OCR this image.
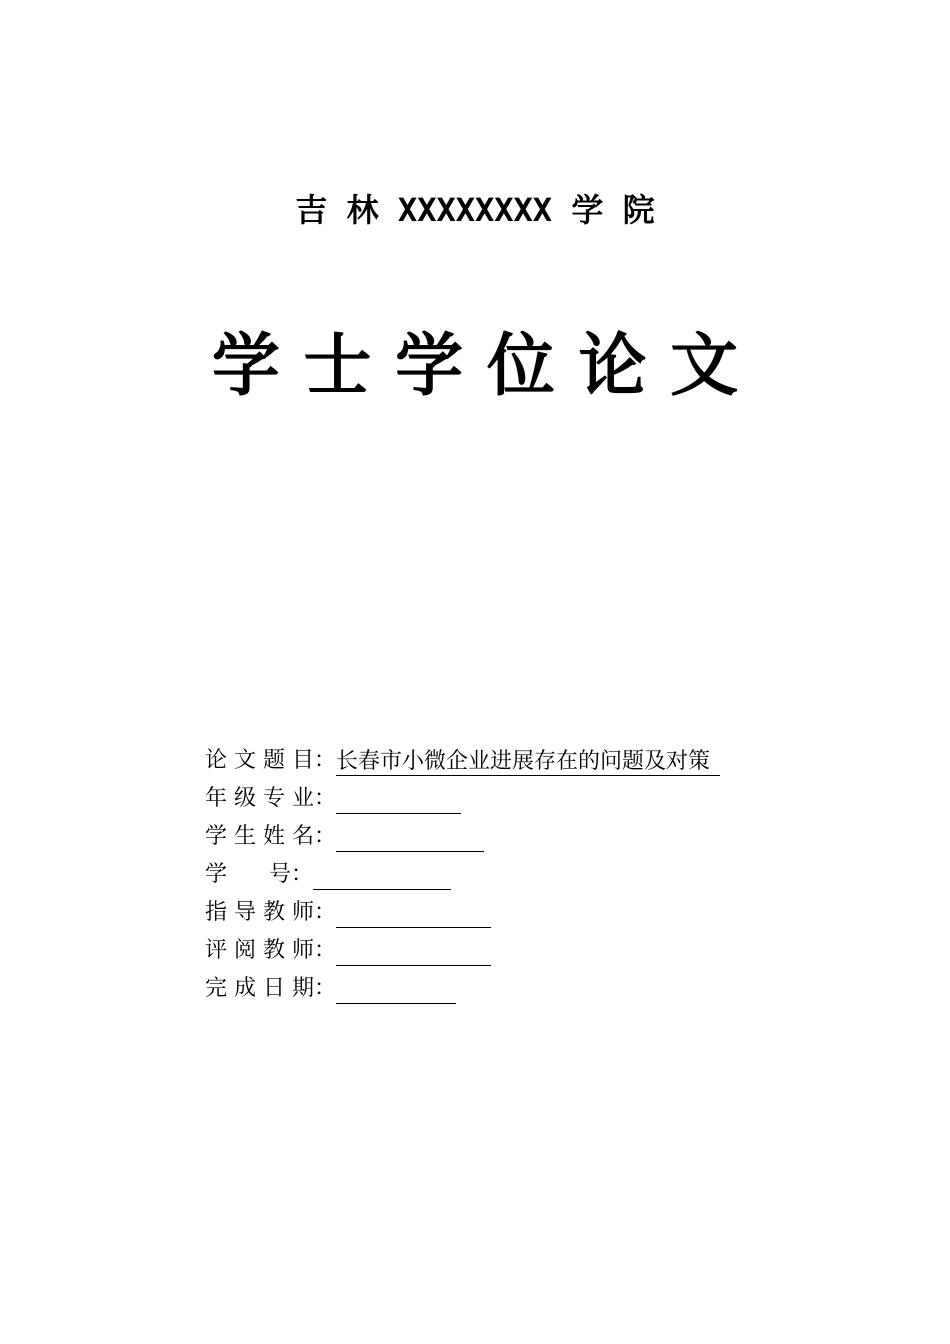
吉 林 XXXXXXXX 学 院
学 士 学 位 论 文
论 文 题 目： 长春市小微企业进展存在的问题及对策
年 级 专 业：
学 生 姓 名：
学      号：
指 导 教 师：
评 阅 教 师：
完 成 日 期：
